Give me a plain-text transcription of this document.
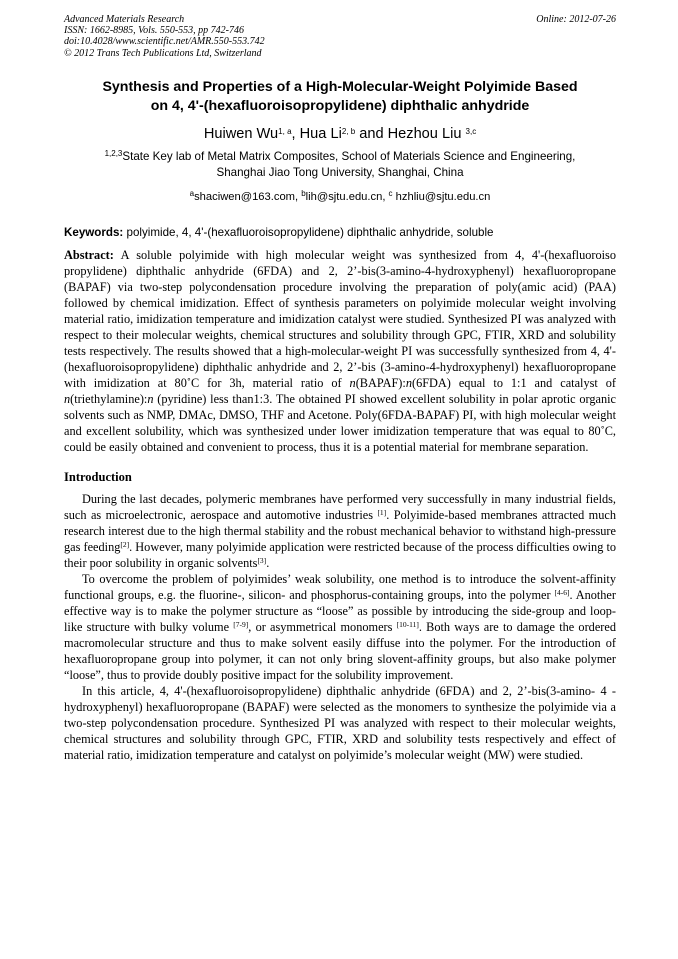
Advanced Materials Research
ISSN: 1662-8985, Vols. 550-553, pp 742-746
doi:10.4028/www.scientific.net/AMR.550-553.742
© 2012 Trans Tech Publications Ltd, Switzerland
Online: 2012-07-26
Synthesis and Properties of a High-Molecular-Weight Polyimide Based
on 4, 4'-(hexafluoroisopropylidene) diphthalic anhydride
Huiwen Wu$^{1, a}$, Hua Li$^{2, b}$ and Hezhou Liu $^{3,c}$
$^{1,2,3}$State Key lab of Metal Matrix Composites, School of Materials Science and Engineering,
Shanghai Jiao Tong University, Shanghai, China
$^a$shaciwen@163.com, $^b$lih@sjtu.edu.cn, $^c$ hzhliu@sjtu.edu.cn
Keywords: polyimide, 4, 4'-(hexafluoroisopropylidene) diphthalic anhydride, soluble
Abstract: A soluble polyimide with high molecular weight was synthesized from 4, 4'-(hexafluoroiso propylidene) diphthalic anhydride (6FDA) and 2, 2’-bis(3-amino-4-hydroxyphenyl) hexafluoropropane (BAPAF) via two-step polycondensation procedure involving the preparation of poly(amic acid) (PAA) followed by chemical imidization. Effect of synthesis parameters on polyimide molecular weight involving material ratio, imidization temperature and imidization catalyst were studied. Synthesized PI was analyzed with respect to their molecular weights, chemical structures and solubility through GPC, FTIR, XRD and solubility tests respectively. The results showed that a high-molecular-weight PI was successfully synthesized from 4, 4'-(hexafluoroisopropylidene) diphthalic anhydride and 2, 2’-bis (3-amino-4-hydroxyphenyl) hexafluoropropane with imidization at 80˚C for 3h, material ratio of n(BAPAF):n(6FDA) equal to 1:1 and catalyst of n(triethylamine):n (pyridine) less than1:3. The obtained PI showed excellent solubility in polar aprotic organic solvents such as NMP, DMAc, DMSO, THF and Acetone. Poly(6FDA-BAPAF) PI, with high molecular weight and excellent solubility, which was synthesized under lower imidization temperature that was equal to 80˚C, could be easily obtained and convenient to process, thus it is a potential material for membrane separation.
Introduction

During the last decades, polymeric membranes have performed very successfully in many industrial fields, such as microelectronic, aerospace and automotive industries [1]. Polyimide-based membranes attracted much research interest due to the high thermal stability and the robust mechanical behavior to withstand high-pressure gas feeding[2]. However, many polyimide application were restricted because of the process difficulties owing to their poor solubility in organic solvents[3].

To overcome the problem of polyimides’ weak solubility, one method is to introduce the solvent-affinity functional groups, e.g. the fluorine-, silicon- and phosphorus-containing groups, into the polymer [4-6]. Another effective way is to make the polymer structure as “loose” as possible by introducing the side-group and loop-like structure with bulky volume [7-9], or asymmetrical monomers [10-11]. Both ways are to damage the ordered macromolecular structure and thus to make solvent easily diffuse into the polymer. For the introduction of hexafluoropropane group into polymer, it can not only bring slovent-affinity groups, but also make polymer “loose”, thus to provide doubly positive impact for the solubility improvement.

In this article, 4, 4'-(hexafluoroisopropylidene) diphthalic anhydride (6FDA) and 2, 2’-bis(3-amino- 4 -hydroxyphenyl) hexafluoropropane (BAPAF) were selected as the monomers to synthesize the polyimide via a two-step polycondensation procedure. Synthesized PI was analyzed with respect to their molecular weights, chemical structures and solubility through GPC, FTIR, XRD and solubility tests respectively and effect of material ratio, imidization temperature and catalyst on polyimide’s molecular weight (MW) were studied.
